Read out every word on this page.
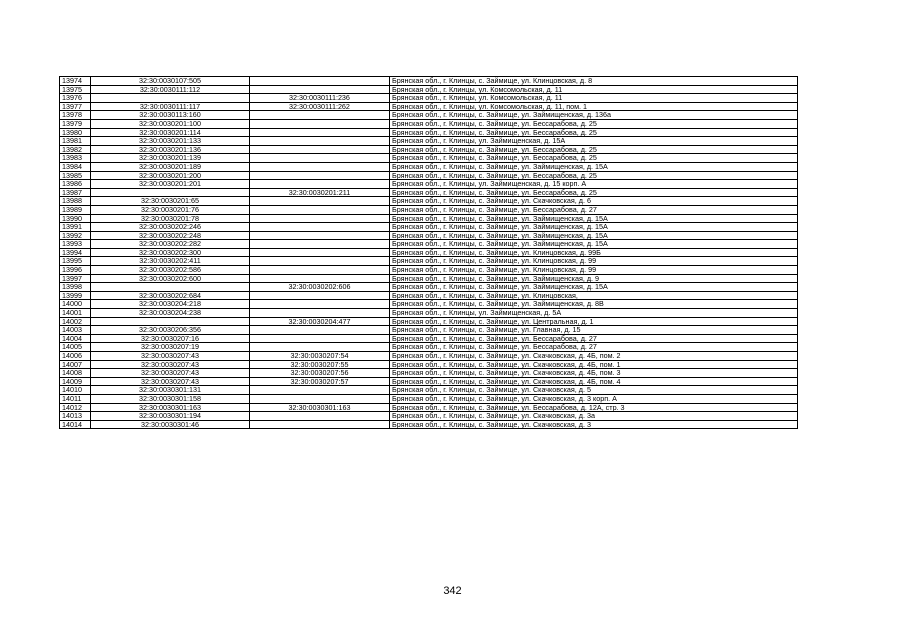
13974	32:30:0030107:505		Брянская обл., г. Клинцы, с. Займище, ул. Клинцовская, д. 8
13975	32:30:0030111:112		Брянская обл., г. Клинцы, ул. Комсомольская, д. 11
13976		32:30:0030111:236	Брянская обл., г. Клинцы, ул. Комсомольская, д. 11
13977	32:30:0030111:117	32:30:0030111:262	Брянская обл., г. Клинцы, ул. Комсомольская, д. 11, пом. 1
13978	32:30:0030113:160		Брянская обл., г. Клинцы, с. Займище, ул. Займищенская, д. 136а
13979	32:30:0030201:100		Брянская обл., г. Клинцы, с. Займище, ул. Бессарабова, д. 25
13980	32:30:0030201:114		Брянская обл., г. Клинцы, с. Займище, ул. Бессарабова, д. 25
13981	32:30:0030201:133		Брянская обл., г. Клинцы, ул. Займищенская, д. 15А
13982	32:30:0030201:136		Брянская обл., г. Клинцы, с. Займище, ул. Бессарабова, д. 25
13983	32:30:0030201:139		Брянская обл., г. Клинцы, с. Займище, ул. Бессарабова, д. 25
13984	32:30:0030201:189		Брянская обл., г. Клинцы, с. Займище, ул. Займищенская, д. 15А
13985	32:30:0030201:200		Брянская обл., г. Клинцы, с. Займище, ул. Бессарабова, д. 25
13986	32:30:0030201:201		Брянская обл., г. Клинцы, ул. Займищенская, д. 15 корп. А
13987		32:30:0030201:211	Брянская обл., г. Клинцы, с. Займище, ул. Бессарабова, д. 25
13988	32:30:0030201:65		Брянская обл., г. Клинцы, с. Займище, ул. Скачковская, д. 6
13989	32:30:0030201:76		Брянская обл., г. Клинцы, с. Займище, ул. Бессарабова, д. 27
13990	32:30:0030201:78		Брянская обл., г. Клинцы, с. Займище, ул. Займищенская, д. 15А
13991	32:30:0030202:246		Брянская обл., г. Клинцы, с. Займище, ул. Займищенская, д. 15А
13992	32:30:0030202:248		Брянская обл., г. Клинцы, с. Займище, ул. Займищенская, д. 15А
13993	32:30:0030202:282		Брянская обл., г. Клинцы, с. Займище, ул. Займищенская, д. 15А
13994	32:30:0030202:300		Брянская обл., г. Клинцы, с. Займище, ул. Клинцовская, д. 99Б
13995	32:30:0030202:411		Брянская обл., г. Клинцы, с. Займище, ул. Клинцовская, д. 99
13996	32:30:0030202:586		Брянская обл., г. Клинцы, с. Займище, ул. Клинцовская, д. 99
13997	32:30:0030202:600		Брянская обл., г. Клинцы, с. Займище, ул. Займищенская, д. 9
13998		32:30:0030202:606	Брянская обл., г. Клинцы, с. Займище, ул. Займищенская, д. 15А
13999	32:30:0030202:684		Брянская обл., г. Клинцы, с. Займище, ул. Клинцовская,
14000	32:30:0030204:218		Брянская обл., г. Клинцы, с. Займище, ул. Займищенская, д. 8В
14001	32:30:0030204:238		Брянская обл., г. Клинцы, ул. Займищенская, д. 5А
14002		32:30:0030204:477	Брянская обл., г. Клинцы, с. Займище, ул. Центральная, д. 1
14003	32:30:0030206:356		Брянская обл., г. Клинцы, с. Займище, ул. Главная, д. 15
14004	32:30:0030207:16		Брянская обл., г. Клинцы, с. Займище, ул. Бессарабова, д. 27
14005	32:30:0030207:19		Брянская обл., г. Клинцы, с. Займище, ул. Бессарабова, д. 27
14006	32:30:0030207:43	32:30:0030207:54	Брянская обл., г. Клинцы, с. Займище, ул. Скачковская, д. 4Б, пом. 2
14007	32:30:0030207:43	32:30:0030207:55	Брянская обл., г. Клинцы, с. Займище, ул. Скачковская, д. 4Б, пом. 1
14008	32:30:0030207:43	32:30:0030207:56	Брянская обл., г. Клинцы, с. Займище, ул. Скачковская, д. 4Б, пом. 3
14009	32:30:0030207:43	32:30:0030207:57	Брянская обл., г. Клинцы, с. Займище, ул. Скачковская, д. 4Б, пом. 4
14010	32:30:0030301:131		Брянская обл., г. Клинцы, с. Займище, ул. Скачковская, д. 5
14011	32:30:0030301:158		Брянская обл., г. Клинцы, с. Займище, ул. Скачковская, д. 3 корп. А
14012	32:30:0030301:163	32:30:0030301:163	Брянская обл., г. Клинцы, с. Займище, ул. Бессарабова, д. 12А, стр. 3
14013	32:30:0030301:194		Брянская обл., г. Клинцы, с. Займище, ул. Скачковская, д. 3а
14014	32:30:0030301:46		Брянская обл., г. Клинцы, с. Займище, ул. Скачковская, д. 3
342
